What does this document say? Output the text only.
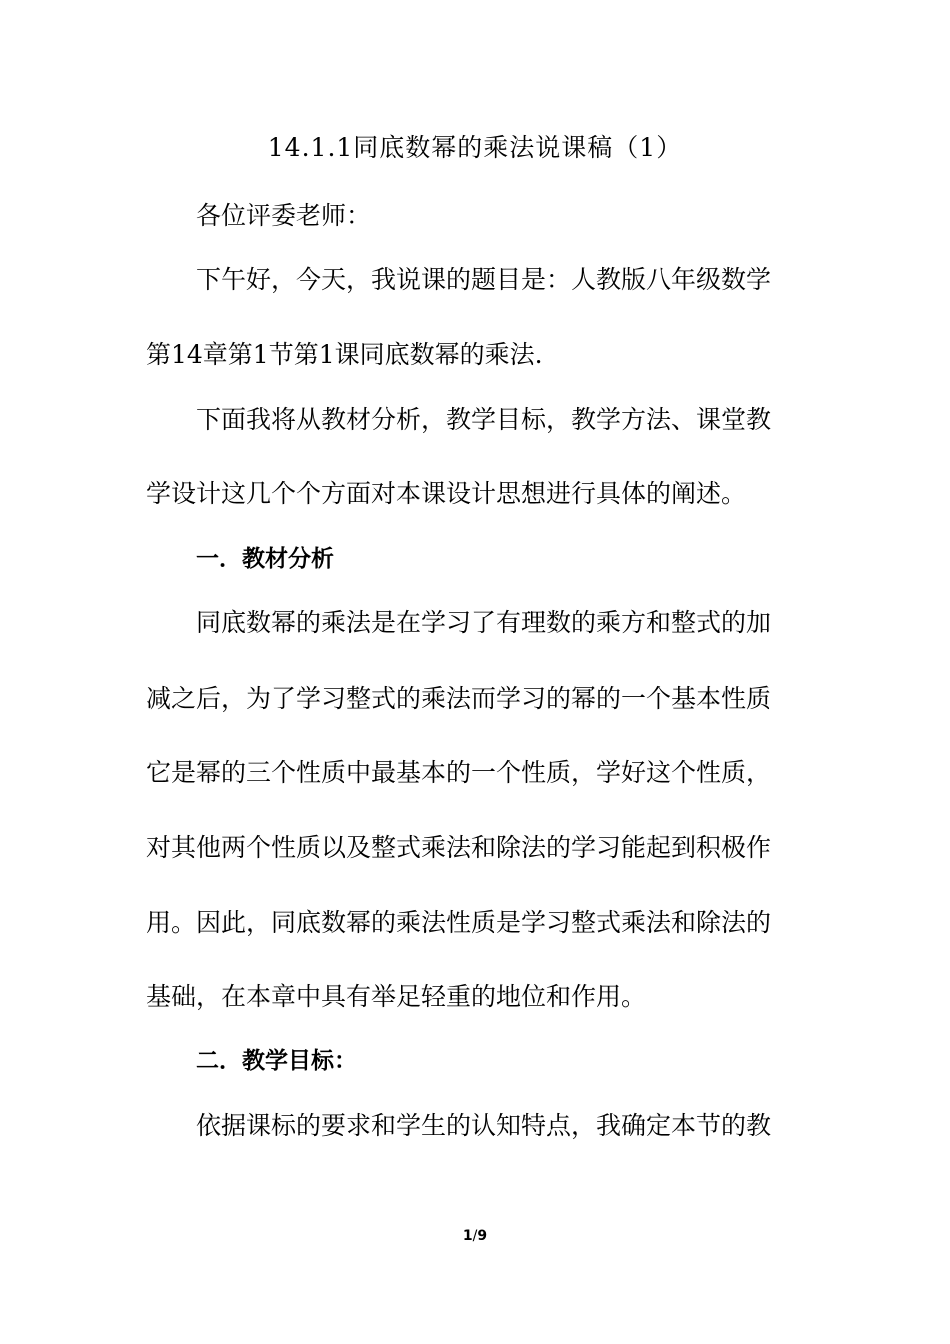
14.1.1同底数幂的乘法说课稿（1）
各位评委老师：
下午好，今天，我说课的题目是：人教版八年级数学
第14章第1节第1课同底数幂的乘法.
下面我将从教材分析，教学目标，教学方法、课堂教
学设计这几个个方面对本课设计思想进行具体的阐述。
一．教材分析
同底数幂的乘法是在学习了有理数的乘方和整式的加
减之后，为了学习整式的乘法而学习的幂的一个基本性质
它是幂的三个性质中最基本的一个性质，学好这个性质，
对其他两个性质以及整式乘法和除法的学习能起到积极作
用。因此，同底数幂的乘法性质是学习整式乘法和除法的
基础，在本章中具有举足轻重的地位和作用。
二．教学目标：
依据课标的要求和学生的认知特点，我确定本节的教
1/9
